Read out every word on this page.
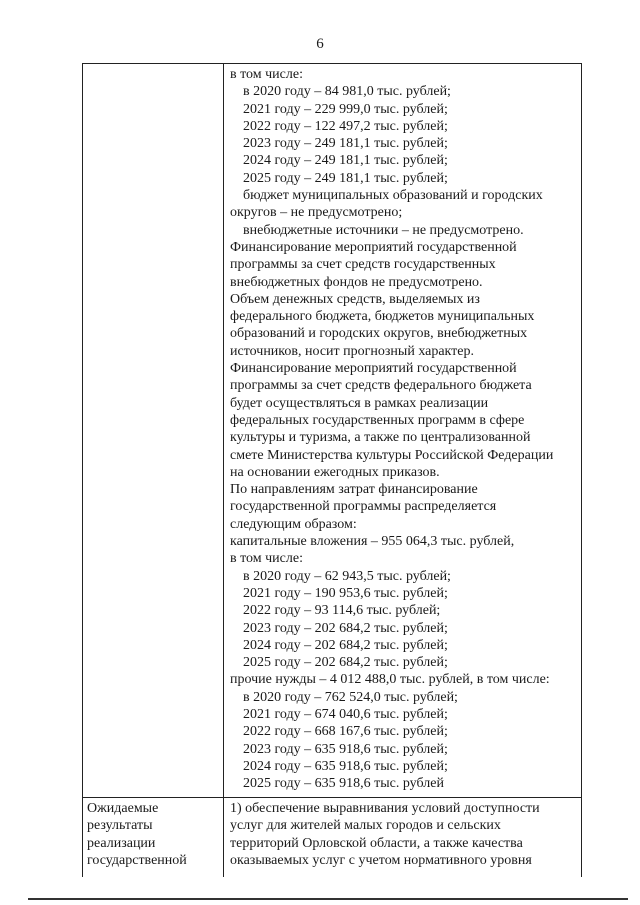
6
в том числе:
в 2020 году – 84 981,0 тыс. рублей;
2021 году – 229 999,0 тыс. рублей;
2022 году – 122 497,2 тыс. рублей;
2023 году – 249 181,1 тыс. рублей;
2024 году – 249 181,1 тыс. рублей;
2025 году – 249 181,1 тыс. рублей;
бюджет муниципальных образований и городских
округов – не предусмотрено;
внебюджетные источники – не предусмотрено.
Финансирование мероприятий государственной
программы за счет средств государственных
внебюджетных фондов не предусмотрено.
Объем денежных средств, выделяемых из
федерального бюджета, бюджетов муниципальных
образований и городских округов, внебюджетных
источников, носит прогнозный характер.
Финансирование мероприятий государственной
программы за счет средств федерального бюджета
будет осуществляться в рамках реализации
федеральных государственных программ в сфере
культуры и туризма, а также по централизованной
смете Министерства культуры Российской Федерации
на основании ежегодных приказов.
По направлениям затрат финансирование
государственной программы распределяется
следующим образом:
капитальные вложения – 955 064,3 тыс. рублей,
в том числе:
в 2020 году – 62 943,5 тыс. рублей;
2021 году – 190 953,6 тыс. рублей;
2022 году – 93 114,6 тыс. рублей;
2023 году – 202 684,2 тыс. рублей;
2024 году – 202 684,2 тыс. рублей;
2025 году – 202 684,2 тыс. рублей;
прочие нужды – 4 012 488,0 тыс. рублей, в том числе:
в 2020 году – 762 524,0 тыс. рублей;
2021 году – 674 040,6 тыс. рублей;
2022 году – 668 167,6 тыс. рублей;
2023 году – 635 918,6 тыс. рублей;
2024 году – 635 918,6 тыс. рублей;
2025 году – 635 918,6 тыс. рублей
Ожидаемые
результаты
реализации
государственной
1) обеспечение выравнивания условий доступности
услуг для жителей малых городов и сельских
территорий Орловской области, а также качества
оказываемых услуг с учетом нормативного уровня
